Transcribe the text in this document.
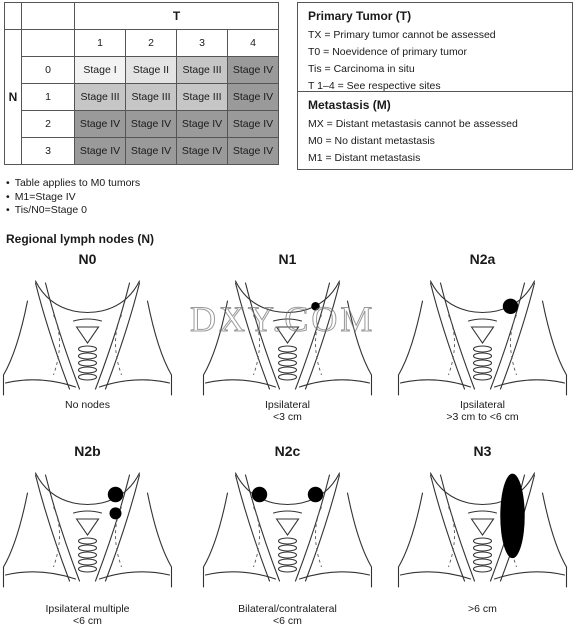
		T			
N		1	2	3	4
	0	Stage I	Stage II	Stage III	Stage IV
	1	Stage III	Stage III	Stage III	Stage IV
	2	Stage IV	Stage IV	Stage IV	Stage IV
	3	Stage IV	Stage IV	Stage IV	Stage IV
Primary Tumor (T)
TX = Primary tumor cannot be assessed
T0 = Noevidence of primary tumor
Tis = Carcinoma in situ
T 1–4 = See respective sites
Metastasis (M)
MX = Distant metastasis cannot be assessed
M0 = No distant metastasis
M1 = Distant metastasis
• Table applies to M0 tumors
• M1=Stage IV
• Tis/N0=Stage 0
Regional lymph nodes (N)
N0
No nodes
N1
Ipsilateral
<3 cm
N2a
Ipsilateral
>3 cm to <6 cm
N2b
Ipsilateral multiple
<6 cm
N2c
Bilateral/contralateral
<6 cm
N3
>6 cm
DXY.COM
